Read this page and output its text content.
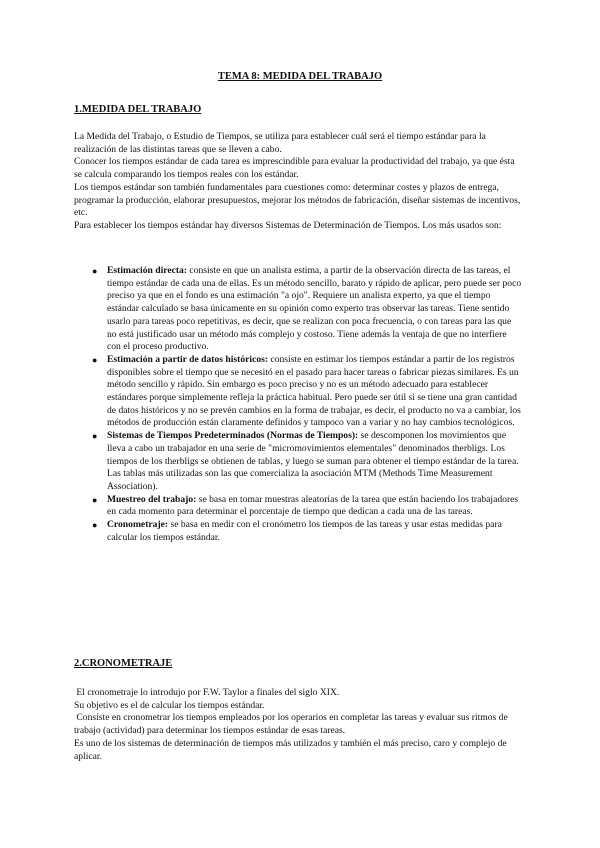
TEMA 8: MEDIDA DEL TRABAJO
1.MEDIDA DEL TRABAJO

La Medida del Trabajo, o Estudio de Tiempos, se utiliza para establecer cuál será el tiempo estándar para la realización de las distintas tareas que se lleven a cabo.

Conocer los tiempos estándar de cada tarea es imprescindible para evaluar la productividad del trabajo, ya que ésta se calcula comparando los tiempos reales con los estándar.

Los tiempos estándar son también fundamentales para cuestiones como: determinar costes y plazos de entrega, programar la producción, elaborar presupuestos, mejorar los métodos de fabricación, diseñar sistemas de incentivos, etc.

Para establecer los tiempos estándar hay diversos Sistemas de Determinación de Tiempos. Los más usados son:

● Estimación directa: consiste en que un analista estima, a partir de la observación directa de las tareas, el tiempo estándar de cada una de ellas. Es un método sencillo, barato y rápido de aplicar, pero puede ser poco preciso ya que en el fondo es una estimación "a ojo". Requiere un analista experto, ya que el tiempo estándar calculado se basa únicamente en su opinión como experto tras observar las tareas. Tiene sentido usarlo para tareas poco repetitivas, es decir, que se realizan con poca frecuencia, o con tareas para las que no está justificado usar un método más complejo y costoso. Tiene además la ventaja de que no interfiere con el proceso productivo.
● Estimación a partir de datos históricos: consiste en estimar los tiempos estándar a partir de los registros disponibles sobre el tiempo que se necesitó en el pasado para hacer tareas o fabricar piezas similares. Es un método sencillo y rápido. Sin embargo es poco preciso y no es un método adecuado para establecer estándares porque simplemente refleja la práctica habitual. Pero puede ser útil si se tiene una gran cantidad de datos históricos y no se prevén cambios en la forma de trabajar, es decir, el producto no va a cambiar, los métodos de producción están claramente definidos y tampoco van a variar y no hay cambios tecnológicos.
● Sistemas de Tiempos Predeterminados (Normas de Tiempos): se descomponen los movimientos que lleva a cabo un trabajador en una serie de "micromovimientos elementales" denominados therbligs. Los tiempos de los therbligs se obtienen de tablas, y luego se suman para obtener el tiempo estándar de la tarea. Las tablas más utilizadas son las que comercializa la asociación MTM (Methods Time Measurement Association).
● Muestreo del trabajo: se basa en tomar muestras aleatorias de la tarea que están haciendo los trabajadores en cada momento para determinar el porcentaje de tiempo que dedican a cada una de las tareas.
● Cronometraje: se basa en medir con el cronómetro los tiempos de las tareas y usar estas medidas para calcular los tiempos estándar.
2.CRONOMETRAJE

El cronometraje lo introdujo por F.W. Taylor a finales del siglo XIX.

Su objetivo es el de calcular los tiempos estándar.

Consiste en cronometrar los tiempos empleados por los operarios en completar las tareas y evaluar sus ritmos de trabajo (actividad) para determinar los tiempos estándar de esas tareas.

Es uno de los sistemas de determinación de tiempos más utilizados y también el más preciso, caro y complejo de aplicar.
